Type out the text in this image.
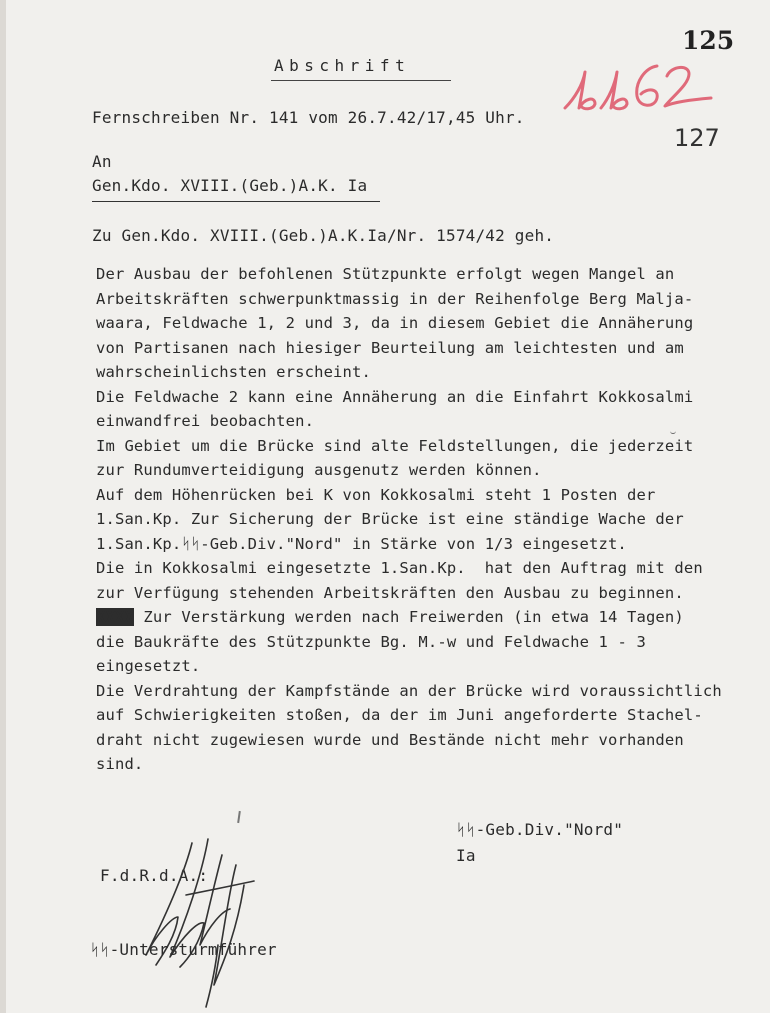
Abschrift
125
127
Fernschreiben Nr. 141 vom 26.7.42/17,45 Uhr.
An
Gen.Kdo. XVIII.(Geb.)A.K. Ia
Zu Gen.Kdo. XVIII.(Geb.)A.K.Ia/Nr. 1574/42 geh.
Der Ausbau der befohlenen Stützpunkte erfolgt wegen Mangel an
Arbeitskräften schwerpunktmassig in der Reihenfolge Berg Malja-
waara, Feldwache 1, 2 und 3, da in diesem Gebiet die Annäherung
von Partisanen nach hiesiger Beurteilung am leichtesten und am
wahrscheinlichsten erscheint.
Die Feldwache 2 kann eine Annäherung an die Einfahrt Kokkosalmi
einwandfrei beobachten.
Im Gebiet um die Brücke sind alte Feldstellungen, die jederzeit
zur Rundumverteidigung ausgenutz werden können.
Auf dem Höhenrücken bei K von Kokkosalmi steht 1 Posten der
1.San.Kp. Zur Sicherung der Brücke ist eine ständige Wache der
1.San.Kp.ᛋᛋ-Geb.Div."Nord" in Stärke von 1/3 eingesetzt.
Die in Kokkosalmi eingesetzte 1.San.Kp.  hat den Auftrag mit den
zur Verfügung stehenden Arbeitskräften den Ausbau zu beginnen.
XXXX Zur Verstärkung werden nach Freiwerden (in etwa 14 Tagen)
die Baukräfte des Stützpunkte Bg. M.-w und Feldwache 1 - 3
eingesetzt.
Die Verdrahtung der Kampfstände an der Brücke wird voraussichtlich
auf Schwierigkeiten stoßen, da der im Juni angeforderte Stachel-
draht nicht zugewiesen wurde und Bestände nicht mehr vorhanden
sind.
ᛋᛋ-Geb.Div."Nord"
Ia
F.d.R.d.A.:
ᛋᛋ-Untersturmführer
